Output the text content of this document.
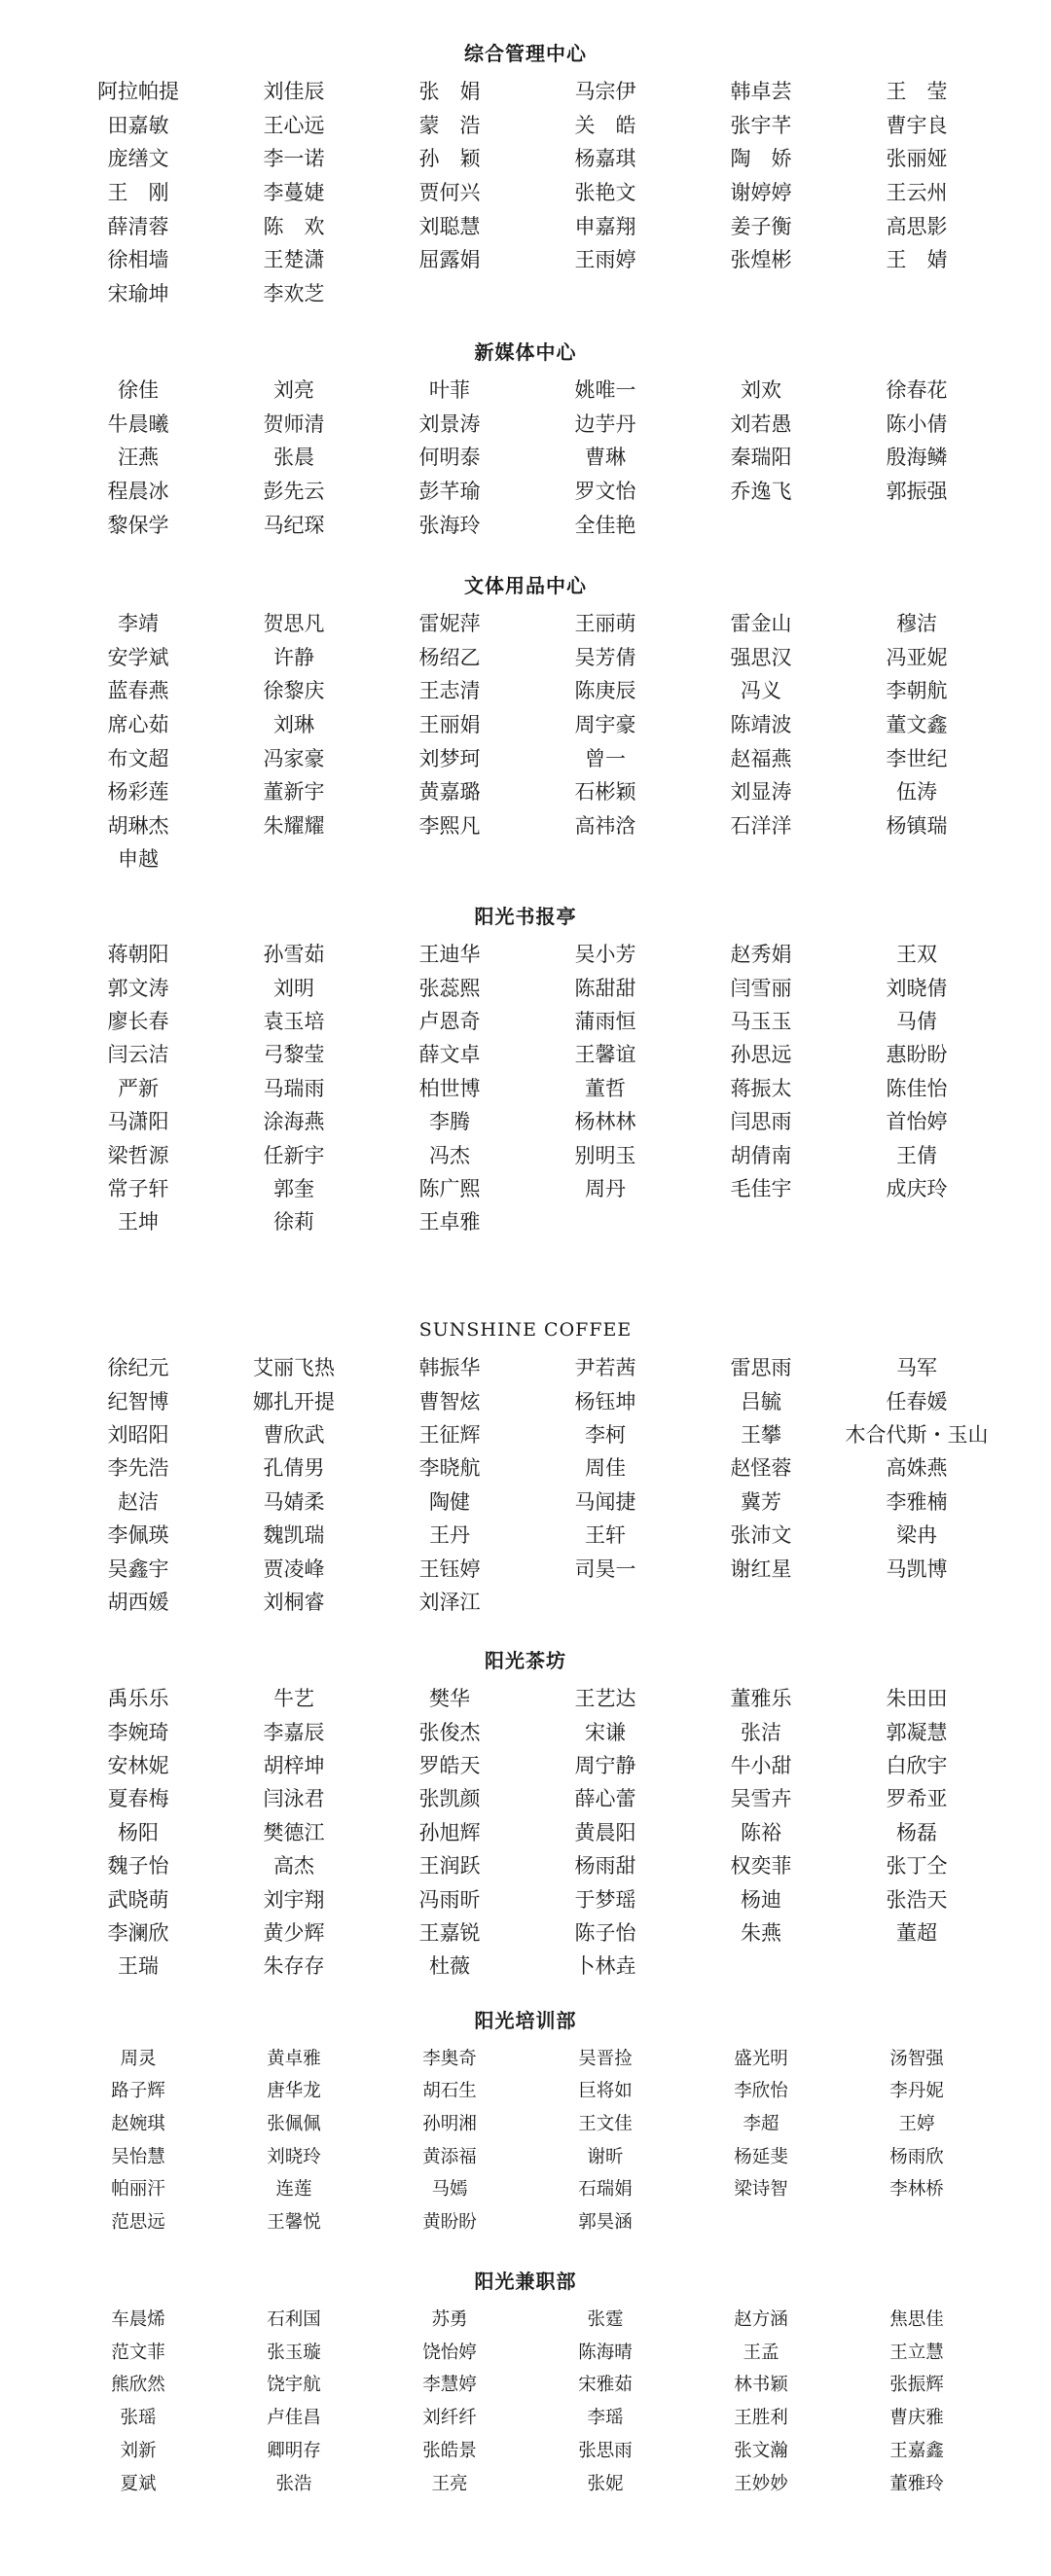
综合管理中心
阿拉帕提	刘佳辰	张　娟	马宗伊	韩卓芸	王　莹
田嘉敏	王心远	蒙　浩	关　皓	张宇芊	曹宇良
庞缮文	李一诺	孙　颖	杨嘉琪	陶　娇	张丽娅
王　刚	李蔓婕	贾何兴	张艳文	谢婷婷	王云州
薛清蓉	陈　欢	刘聪慧	申嘉翔	姜子衡	高思影
徐相墙	王楚潇	屈露娟	王雨婷	张煌彬	王　婧
宋瑜坤	李欢芝
新媒体中心
徐佳	刘亮	叶菲	姚唯一	刘欢	徐春花
牛晨曦	贺师清	刘景涛	边芋丹	刘若愚	陈小倩
汪燕	张晨	何明泰	曹琳	秦瑞阳	殷海鳞
程晨冰	彭先云	彭芊瑜	罗文怡	乔逸飞	郭振强
黎保学	马纪琛	张海玲	全佳艳
文体用品中心
李靖	贺思凡	雷妮萍	王丽萌	雷金山	穆洁
安学斌	许静	杨绍乙	吴芳倩	强思汉	冯亚妮
蓝春燕	徐黎庆	王志清	陈庚辰	冯义	李朝航
席心茹	刘琳	王丽娟	周宇豪	陈靖波	董文鑫
布文超	冯家豪	刘梦珂	曾一	赵福燕	李世纪
杨彩莲	董新宇	黄嘉璐	石彬颖	刘显涛	伍涛
胡琳杰	朱耀耀	李熙凡	高祎浛	石洋洋	杨镇瑞
申越
阳光书报亭
蒋朝阳	孙雪茹	王迪华	吴小芳	赵秀娟	王双
郭文涛	刘明	张蕊熙	陈甜甜	闫雪丽	刘晓倩
廖长春	袁玉培	卢恩奇	蒲雨恒	马玉玉	马倩
闫云洁	弓黎莹	薛文卓	王馨谊	孙思远	惠盼盼
严新	马瑞雨	柏世博	董哲	蒋振太	陈佳怡
马潇阳	涂海燕	李腾	杨林林	闫思雨	首怡婷
梁哲源	任新宇	冯杰	别明玉	胡倩南	王倩
常子轩	郭奎	陈广熙	周丹	毛佳宇	成庆玲
王坤	徐莉	王卓雅
SUNSHINE COFFEE
徐纪元	艾丽飞热	韩振华	尹若茜	雷思雨	马军
纪智博	娜扎开提	曹智炫	杨钰坤	吕毓	任春媛
刘昭阳	曹欣武	王征辉	李柯	王攀	木合代斯・玉山
李先浩	孔倩男	李晓航	周佳	赵怪蓉	高姝燕
赵洁	马婧柔	陶健	马闻捷	冀芳	李雅楠
李佩瑛	魏凯瑞	王丹	王轩	张沛文	梁冉
吴鑫宇	贾凌峰	王钰婷	司昊一	谢红星	马凯博
胡西媛	刘桐睿	刘泽江
阳光茶坊
禹乐乐	牛艺	樊华	王艺达	董雅乐	朱田田
李婉琦	李嘉辰	张俊杰	宋谦	张洁	郭凝慧
安林妮	胡梓坤	罗皓天	周宁静	牛小甜	白欣宇
夏春梅	闫泳君	张凯颜	薛心蕾	吴雪卉	罗希亚
杨阳	樊德江	孙旭辉	黄晨阳	陈裕	杨磊
魏子怡	高杰	王润跃	杨雨甜	权奕菲	张丁仝
武晓萌	刘宇翔	冯雨昕	于梦瑶	杨迪	张浩天
李澜欣	黄少辉	王嘉锐	陈子怡	朱燕	董超
王瑞	朱存存	杜薇	卜林垚
阳光培训部
周灵	黄卓雅	李奥奇	吴晋捡	盛光明	汤智强
路子辉	唐华龙	胡石生	巨将如	李欣怡	李丹妮
赵婉琪	张佩佩	孙明湘	王文佳	李超	王婷
吴怡慧	刘晓玲	黄添福	谢昕	杨延斐	杨雨欣
帕丽汗	连莲	马嫣	石瑞娟	梁诗智	李林桥
范思远	王馨悦	黄盼盼	郭昊涵
阳光兼职部
车晨烯	石利国	苏勇	张霆	赵方涵	焦思佳
范文菲	张玉璇	饶怡婷	陈海晴	王孟	王立慧
熊欣然	饶宇航	李慧婷	宋雅茹	林书颖	张振辉
张瑶	卢佳昌	刘纤纤	李瑶	王胜利	曹庆雅
刘新	卿明存	张皓景	张思雨	张文瀚	王嘉鑫
夏斌	张浩	王亮	张妮	王妙妙	董雅玲
